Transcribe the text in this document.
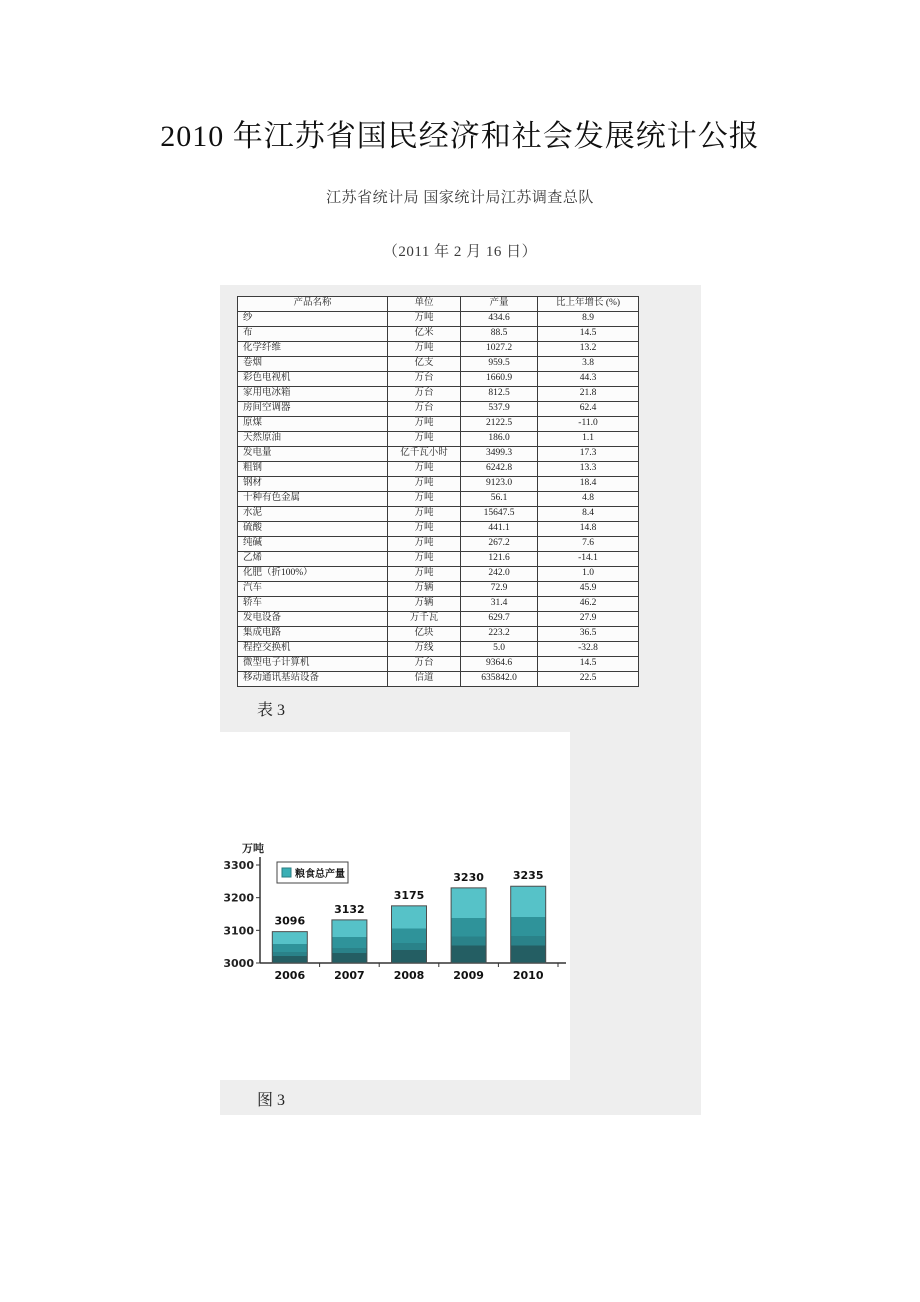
2010 年江苏省国民经济和社会发展统计公报
江苏省统计局 国家统计局江苏调查总队
（2011 年 2 月 16 日）
产品名称	单位	产量	比上年增长 (%)
纱	万吨	434.6	8.9
布	亿米	88.5	14.5
化学纤维	万吨	1027.2	13.2
卷烟	亿支	959.5	3.8
彩色电视机	万台	1660.9	44.3
家用电冰箱	万台	812.5	21.8
房间空调器	万台	537.9	62.4
原煤	万吨	2122.5	-11.0
天然原油	万吨	186.0	1.1
发电量	亿千瓦小时	3499.3	17.3
粗钢	万吨	6242.8	13.3
钢材	万吨	9123.0	18.4
十种有色金属	万吨	56.1	4.8
水泥	万吨	15647.5	8.4
硫酸	万吨	441.1	14.8
纯碱	万吨	267.2	7.6
乙烯	万吨	121.6	-14.1
化肥（折100%）	万吨	242.0	1.0
汽车	万辆	72.9	45.9
轿车	万辆	31.4	46.2
发电设备	万千瓦	629.7	27.9
集成电路	亿块	223.2	36.5
程控交换机	万线	5.0	-32.8
微型电子计算机	万台	9364.6	14.5
移动通讯基站设备	信道	635842.0	22.5
表 3
万吨
3000
3100
3200
3300
3096
2006
3132
2007
3175
2008
3230
2009
3235
2010
粮食总产量
图 3
